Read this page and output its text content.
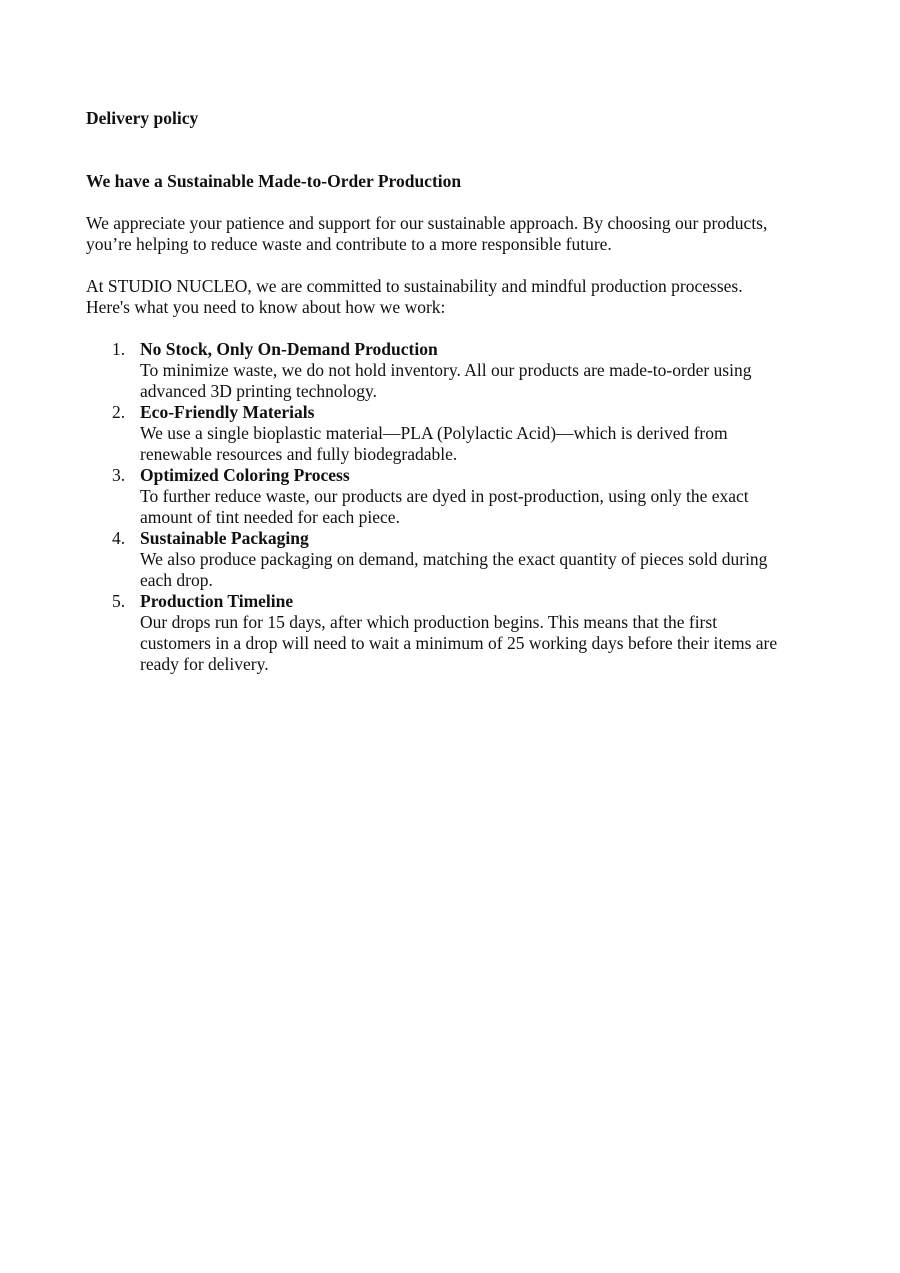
Delivery policy

We have a Sustainable Made-to-Order Production

We appreciate your patience and support for our sustainable approach. By choosing our products,

you’re helping to reduce waste and contribute to a more responsible future.

At STUDIO NUCLEO, we are committed to sustainability and mindful production processes.

Here's what you need to know about how we work:

1. No Stock, Only On-Demand Production
To minimize waste, we do not hold inventory. All our products are made-to-order using
advanced 3D printing technology.
2. Eco-Friendly Materials
We use a single bioplastic material—PLA (Polylactic Acid)—which is derived from
renewable resources and fully biodegradable.
3. Optimized Coloring Process
To further reduce waste, our products are dyed in post-production, using only the exact
amount of tint needed for each piece.
4. Sustainable Packaging
We also produce packaging on demand, matching the exact quantity of pieces sold during
each drop.
5. Production Timeline
Our drops run for 15 days, after which production begins. This means that the first
customers in a drop will need to wait a minimum of 25 working days before their items are
ready for delivery.
